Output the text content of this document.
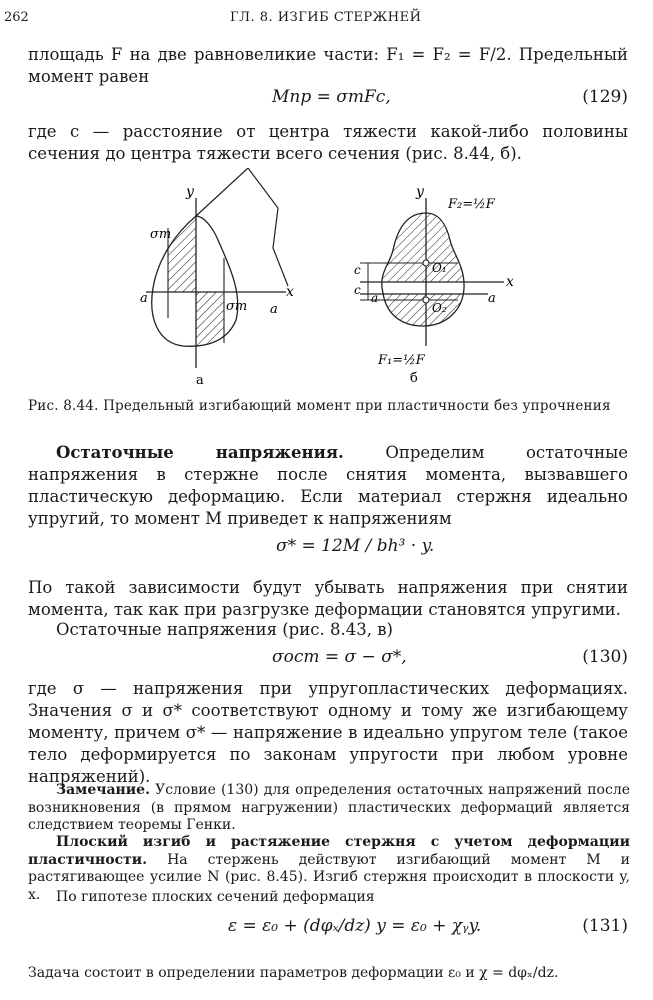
262	ГЛ. 8. ИЗГИБ СТЕРЖНЕЙ
площадь F на две равновеликие части: F₁ = F₂ = F/2. Предельный момент равен
Mпр = σтFc,	(129)
где c — расстояние от центра тяжести какой-либо половины сечения до центра тяжести всего сечения (рис. 8.44, б).
y
σт
σт
a
a
x
а
y
F₂=½F
c
c
a	a
x
O₁
O₂
F₁=½F
б
Рис. 8.44. Предельный изгибающий момент при пластичности без упрочнения
Остаточные напряжения. Определим остаточные напряжения в стержне после снятия момента, вызвавшего пластическую деформацию. Если материал стержня идеально упругий, то момент M приведет к напряжениям
σ* = 12M / bh³ · y.
По такой зависимости будут убывать напряжения при снятии момента, так как при разгрузке деформации становятся упругими.
Остаточные напряжения (рис. 8.43, в)
σост = σ − σ*,	(130)
где σ — напряжения при упругопластических деформациях. Значения σ и σ* соответствуют одному и тому же изгибающему моменту, причем σ* — напряжение в идеально упругом теле (такое тело деформируется по законам упругости при любом уровне напряжений).
Замечание. Условие (130) для определения остаточных напряжений после возникновения (в прямом нагружении) пластических деформаций является следствием теоремы Генки.
Плоский изгиб и растяжение стержня с учетом деформации пластичности. На стержень действуют изгибающий момент M и растягивающее усилие N (рис. 8.45). Изгиб стержня происходит в плоскости y, x.	По гипотезе плоских сечений деформация
ε = ε₀ + (dφₓ/dz) y = ε₀ + χᵧy.	(131)
Задача состоит в определении параметров деформации ε₀ и χ = dφₓ/dz.
